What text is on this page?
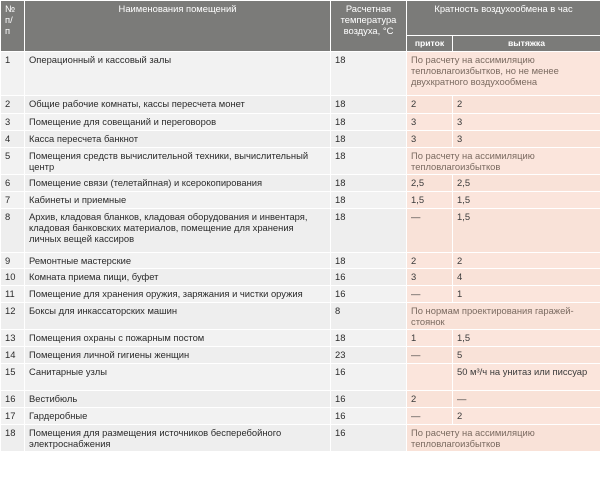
№ п/ п	Наименования помещений	Расчетная температура воздуха, °С	Кратность воздухообмена в час	
			приток	вытяжка
1	Операционный и кассовый залы	18	По расчету на ассимиляцию тепловлагоизбытков, но не менее двухкратного воздухообмена	
2	Общие рабочие комнаты, кассы пересчета монет	18	2	2
3	Помещение для совещаний и переговоров	18	3	3
4	Касса пересчета банкнот	18	3	3
5	Помещения средств вычислительной техники, вычислительный центр	18	По расчету на ассимиляцию тепловлагоизбытков	
6	Помещение связи (телетайпная) и ксерокопирования	18	2,5	2,5
7	Кабинеты и приемные	18	1,5	1,5
8	Архив, кладовая бланков, кладовая оборудования и инвентаря, кладовая банковских материалов, помещение для хранения личных вещей кассиров	18	—	1,5
9	Ремонтные мастерские	18	2	2
10	Комната приема пищи, буфет	16	3	4
11	Помещение для хранения оружия, заряжания и чистки оружия	16	—	1
12	Боксы для инкассаторских машин	8	По нормам проектирования гаражей-стоянок	
13	Помещения охраны с пожарным постом	18	1	1,5
14	Помещения личной гигиены женщин	23	—	5
15	Санитарные узлы	16		50 м³/ч на унитаз или писсуар
16	Вестибюль	16	2	—
17	Гардеробные	16	—	2
18	Помещения для размещения источников бесперебойного электроснабжения	16	По расчету на ассимиляцию тепловлагоизбытков	
